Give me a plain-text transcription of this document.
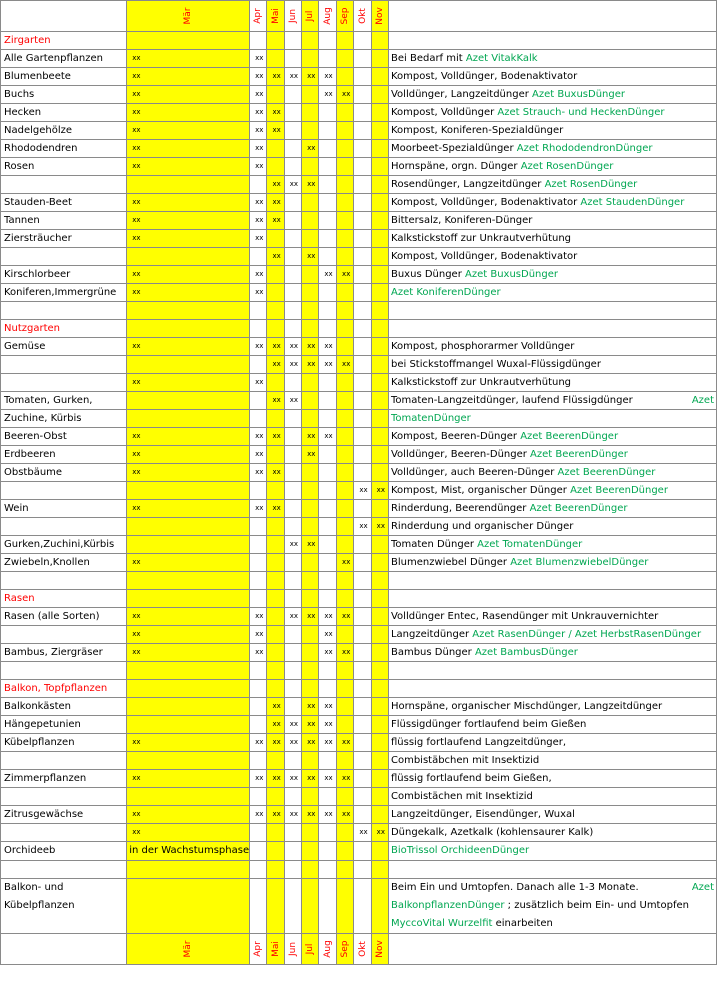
	Mär	Apr	Mai	Jun	Jul	Aug	Sep	Okt	Nov	

Zirgarten										
Alle Gartenpflanzen	xx	xx								Bei Bedarf mit Azet VitakKalk
Blumenbeete	xx	xx	xx	xx	xx	xx				Kompost, Volldünger, Bodenaktivator
Buchs	xx	xx				xx	xx			Volldünger, Langzeitdünger Azet BuxusDünger
Hecken	xx	xx	xx							Kompost, Volldünger Azet Strauch- und HeckenDünger
Nadelgehölze	xx	xx	xx							Kompost, Koniferen-Spezialdünger
Rhododendren	xx	xx			xx					Moorbeet-Spezialdünger Azet RhododendronDünger
Rosen	xx	xx								Hornspäne, orgn. Dünger Azet RosenDünger
			xx	xx	xx					Rosendünger, Langzeitdünger Azet RosenDünger
Stauden-Beet	xx	xx	xx							Kompost, Volldünger, Bodenaktivator Azet StaudenDünger
Tannen	xx	xx	xx							Bittersalz, Koniferen-Dünger
Ziersträucher	xx	xx								Kalkstickstoff zur Unkrautverhütung
			xx		xx					Kompost, Volldünger, Bodenaktivator
Kirschlorbeer	xx	xx				xx	xx			Buxus Dünger Azet BuxusDünger
Koniferen,Immergrüne	xx	xx								Azet KoniferenDünger

Nutzgarten										
Gemüse	xx	xx	xx	xx	xx	xx				Kompost, phosphorarmer Volldünger
			xx	xx	xx	xx	xx			bei Stickstoffmangel Wuxal-Flüssigdünger
	xx	xx								Kalkstickstoff zur Unkrautverhütung
Tomaten, Gurken,			xx	xx						Tomaten-Langzeitdünger, laufend Flüssigdünger Azet

Zuchine, Kürbis										TomatenDünger
Beeren-Obst	xx	xx	xx		xx	xx				Kompost, Beeren-Dünger Azet BeerenDünger
Erdbeeren	xx	xx			xx					Volldünger, Beeren-Dünger Azet BeerenDünger
Obstbäume	xx	xx	xx							Volldünger, auch Beeren-Dünger Azet BeerenDünger
								xx	xx	Kompost, Mist, organischer Dünger Azet BeerenDünger
Wein	xx	xx	xx							Rinderdung, Beerendünger Azet BeerenDünger
								xx	xx	Rinderdung und organischer Dünger
Gurken,Zuchini,Kürbis				xx	xx					Tomaten Dünger Azet TomatenDünger
Zwiebeln,Knollen	xx						xx			Blumenzwiebel Dünger Azet BlumenzwiebelDünger

Rasen										
Rasen (alle Sorten)	xx	xx		xx	xx	xx	xx			Volldünger Entec, Rasendünger mit Unkrauvernichter
	xx	xx				xx				Langzeitdünger Azet RasenDünger / Azet HerbstRasenDünger
Bambus, Ziergräser	xx	xx				xx	xx			Bambus Dünger Azet BambusDünger

Balkon, Topfpflanzen										
Balkonkästen			xx		xx	xx				Hornspäne, organischer Mischdünger, Langzeitdünger
Hängepetunien			xx	xx	xx	xx				Flüssigdünger fortlaufend beim Gießen
Kübelpflanzen	xx	xx	xx	xx	xx	xx	xx			flüssig fortlaufend Langzeitdünger,
										Combistäbchen mit Insektizid
Zimmerpflanzen	xx	xx	xx	xx	xx	xx	xx			flüssig fortlaufend beim Gießen,
										Combistächen mit Insektizid
Zitrusgewächse	xx	xx	xx	xx	xx	xx	xx			Langzeitdünger, Eisendünger, Wuxal
	xx							xx	xx	Düngekalk, Azetkalk (kohlensaurer Kalk)
Orchideeb	in der Wachstumsphase									BioTrissol OrchideenDünger

Balkon- und										Beim Ein und Umtopfen. Danach alle 1-3 Monate. Azet

Kübelpflanzen										BalkonpflanzenDünger ; zusätzlich beim Ein- und Umtopfen
										MyccoVital Wurzelfit einarbeiten

	Mär	Apr	Mai	Jun	Jul	Aug	Sep	Okt	Nov	
